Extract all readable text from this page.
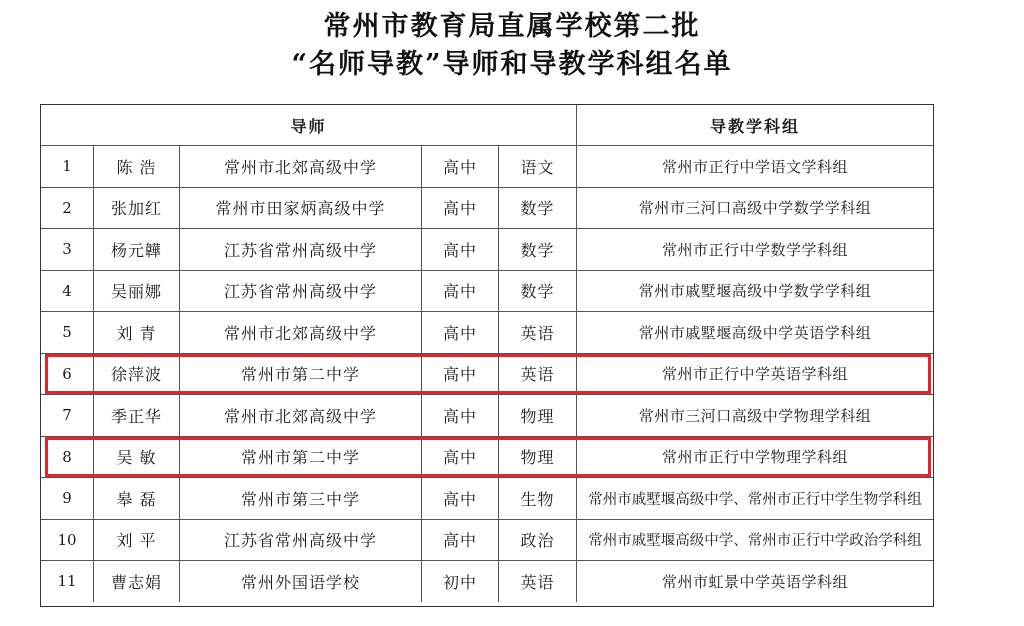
常州市教育局直属学校第二批
“名师导教”导师和导教学科组名单
导师	导教学科组
1	陈 浩	常州市北郊高级中学	高中	语文	常州市正行中学语文学科组
2	张加红	常州市田家炳高级中学	高中	数学	常州市三河口高级中学数学学科组
3	杨元韡	江苏省常州高级中学	高中	数学	常州市正行中学数学学科组
4	吴丽娜	江苏省常州高级中学	高中	数学	常州市戚墅堰高级中学数学学科组
5	刘 青	常州市北郊高级中学	高中	英语	常州市戚墅堰高级中学英语学科组
6	徐萍波	常州市第二中学	高中	英语	常州市正行中学英语学科组
7	季正华	常州市北郊高级中学	高中	物理	常州市三河口高级中学物理学科组
8	吴 敏	常州市第二中学	高中	物理	常州市正行中学物理学科组
9	皋 磊	常州市第三中学	高中	生物	常州市戚墅堰高级中学、常州市正行中学生物学科组
10	刘 平	江苏省常州高级中学	高中	政治	常州市戚墅堰高级中学、常州市正行中学政治学科组
11	曹志娟	常州外国语学校	初中	英语	常州市虹景中学英语学科组
